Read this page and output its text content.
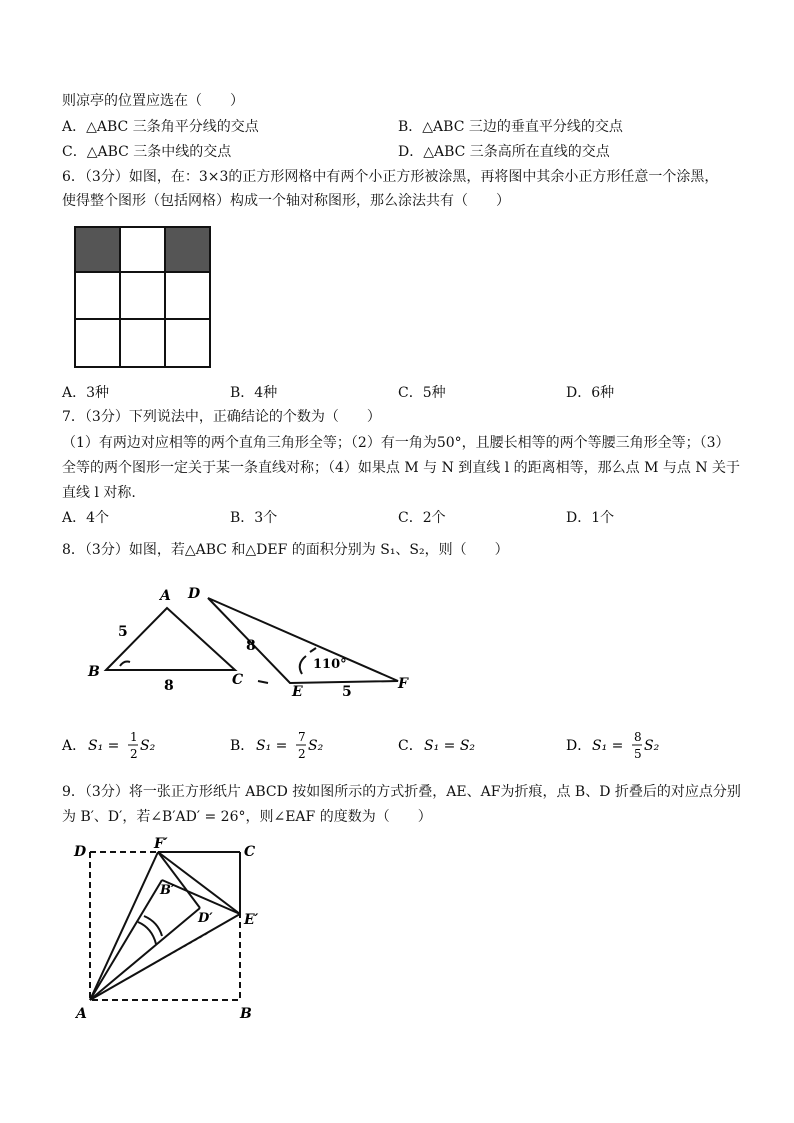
则凉亭的位置应选在（　　）
A．△ABC 三条角平分线的交点	B．△ABC 三边的垂直平分线的交点
C．△ABC 三条中线的交点	D．△ABC 三条高所在直线的交点
6．（3分）如图，在：3×3的正方形网格中有两个小正方形被涂黑，再将图中其余小正方形任意一个涂黑，
使得整个图形（包括网格）构成一个轴对称图形，那么涂法共有（　　）
A．3种	B．4种	C．5种	D．6种
7．（3分）下列说法中，正确结论的个数为（　　）
（1）有两边对应相等的两个直角三角形全等；（2）有一角为50°，且腰长相等的两个等腰三角形全等；（3）
全等的两个图形一定关于某一条直线对称；（4）如果点 M 与 N 到直线 l 的距离相等，那么点 M 与点 N 关于
直线 l 对称.
A．4个	B．3个	C．2个	D．1个
8．（3分）如图，若△ABC 和△DEF 的面积分别为 S₁、S₂，则（　　）
A
B	C
D
E	F
5
8
8
5
110°
A． S₁ =
1
2 S₂	B． S₁ =
7
2 S₂	C． S₁ = S₂	D． S₁ =
8
5 S₂
9．（3分）将一张正方形纸片 ABCD 按如图所示的方式折叠，AE、AF为折痕，点 B、D 折叠后的对应点分别
为 B′、D′，若∠B′AD′ = 26°，则∠EAF 的度数为（　　）
D	F′	C
B′
D′ E′
A	B
